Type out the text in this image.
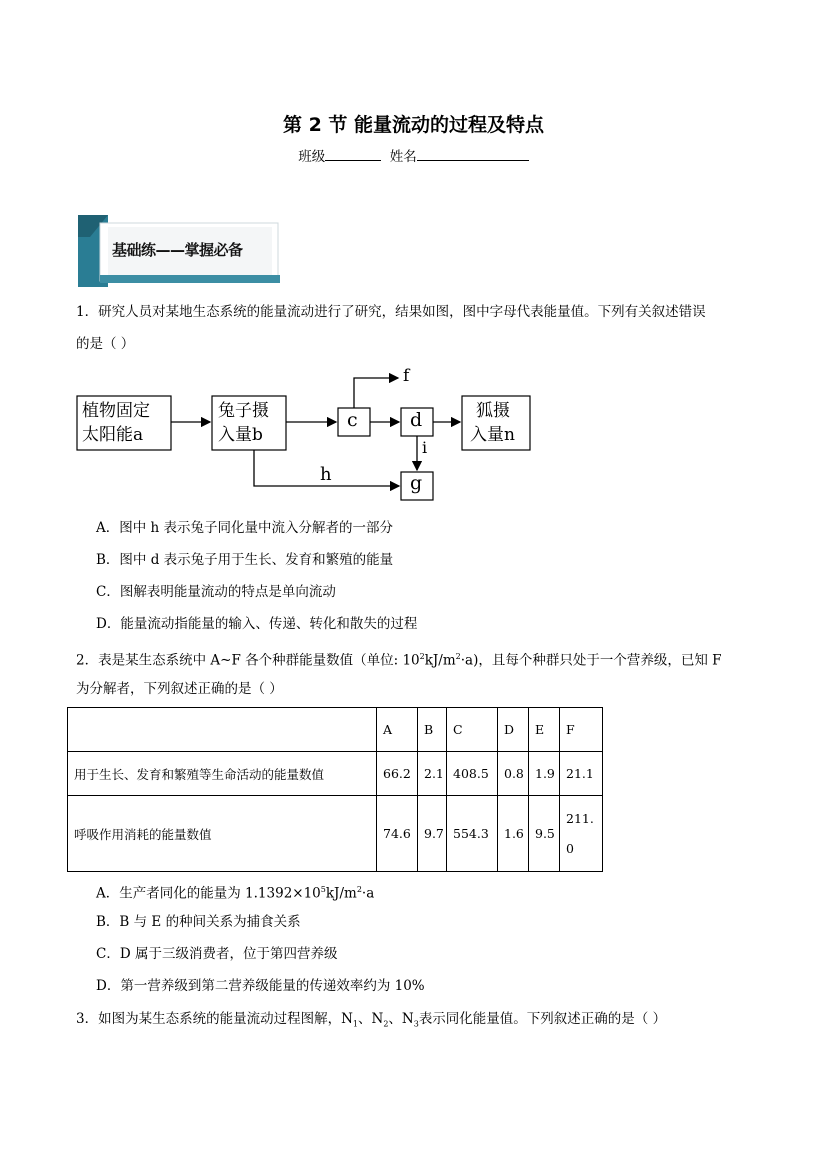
第 2 节 能量流动的过程及特点
班级	姓名
基础练——掌握必备
1．研究人员对某地生态系统的能量流动进行了研究，结果如图，图中字母代表能量值。下列有关叙述错误
的是（ ）
植物固定
太阳能a
兔子摄
入量b
c	d	狐摄
入量n
g
f
i
h
A．图中 h 表示兔子同化量中流入分解者的一部分
B．图中 d 表示兔子用于生长、发育和繁殖的能量
C．图解表明能量流动的特点是单向流动
D．能量流动指能量的输入、传递、转化和散失的过程
2．表是某生态系统中 A~F 各个种群能量数值（单位: $10^2kJ/m^2\cdot a$)，且每个种群只处于一个营养级，已知 F
为分解者，下列叙述正确的是（ ）
	A	B	C	D	E	F
用于生长、发育和繁殖等生命活动的能量数值	66.2	2.1	408.5	0.8	1.9	21.1
呼吸作用消耗的能量数值	74.6	9.7	554.3	1.6	9.5	211.
0
A．生产者同化的能量为 $1.1392\times 10^5kJ/m^2\cdot a$
B．B 与 E 的种间关系为捕食关系
C．D 属于三级消费者，位于第四营养级
D．第一营养级到第二营养级能量的传递效率约为 10%
3．如图为某生态系统的能量流动过程图解，$N_1$、$N_2$、$N_3$表示同化能量值。下列叙述正确的是（ ）
